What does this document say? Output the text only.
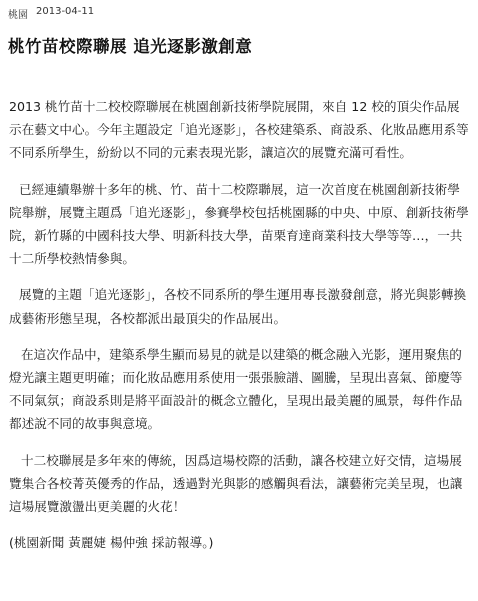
桃園 2013-04-11
桃竹苗校際聯展 追光逐影激創意

2013 桃竹苗十二校校際聯展在桃園創新技術學院展開，來自 12 校的頂尖作品展示在藝文中心。今年主題設定「追光逐影」，各校建築系、商設系、化妝品應用系等不同系所學生，紛紛以不同的元素表現光影，讓這次的展覽充滿可看性。

已經連續舉辦十多年的桃、竹、苗十二校際聯展，這一次首度在桃園創新技術學院舉辦，展覽主題爲「追光逐影」，參賽學校包括桃園縣的中央、中原、創新技術學院，新竹縣的中國科技大學、明新科技大學，苗栗育達商業科技大學等等…，一共十二所學校熱情參與。

展覽的主題「追光逐影」，各校不同系所的學生運用專長激發創意，將光與影轉換成藝術形態呈現，各校都派出最頂尖的作品展出。

在這次作品中，建築系學生顯而易見的就是以建築的概念融入光影，運用聚焦的燈光讓主題更明確；而化妝品應用系使用一張張臉譜、圖騰，呈現出喜氣、節慶等不同氣氛；商設系則是將平面設計的概念立體化，呈現出最美麗的風景，每件作品都述說不同的故事與意境。

十二校聯展是多年來的傳統，因爲這場校際的活動，讓各校建立好交情，這場展覽集合各校菁英優秀的作品，透過對光與影的感觸與看法，讓藝術完美呈現，也讓這場展覽激盪出更美麗的火花！

(桃園新聞 黃麗婕 楊仲強 採訪報導。)
